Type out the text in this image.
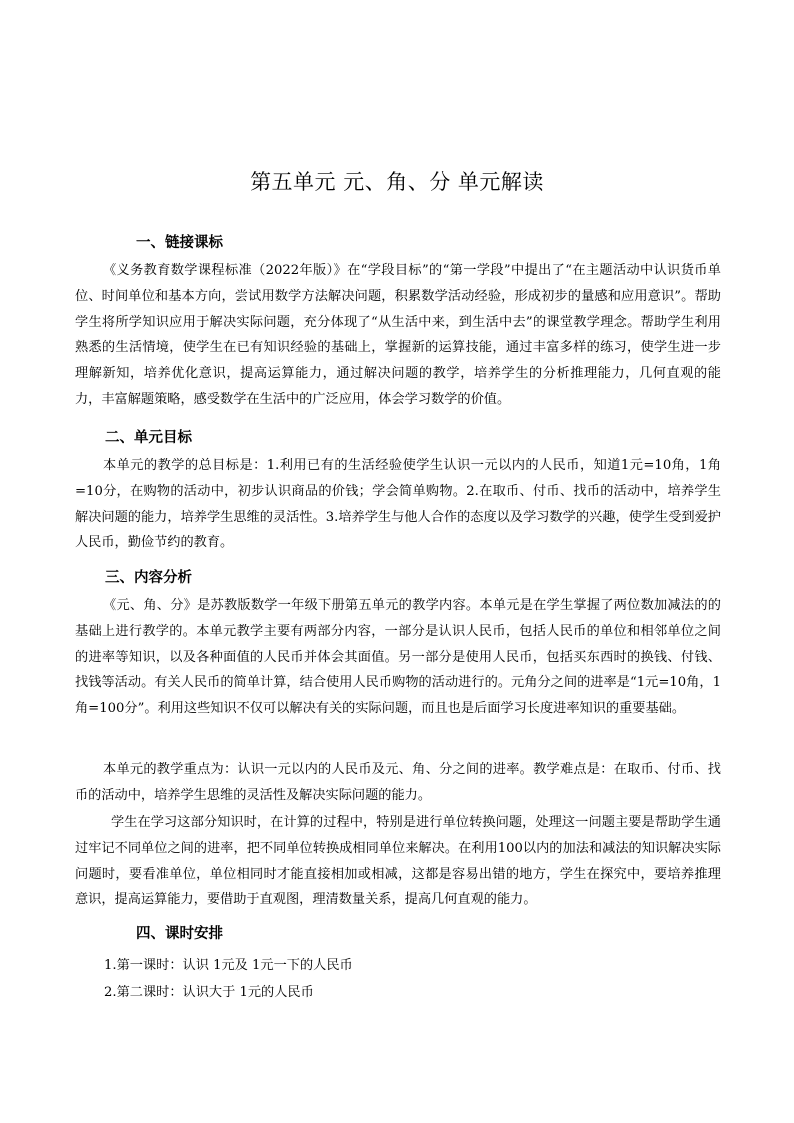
第五单元 元、角、分 单元解读
一、链接课标

《义务教育数学课程标准（2022年版）》在“学段目标”的“第一学段”中提出了“在主题活动中认识货币单位、时间单位和基本方向，尝试用数学方法解决问题，积累数学活动经验，形成初步的量感和应用意识”。帮助学生将所学知识应用于解决实际问题，充分体现了“从生活中来，到生活中去”的课堂教学理念。帮助学生利用熟悉的生活情境，使学生在已有知识经验的基础上，掌握新的运算技能，通过丰富多样的练习，使学生进一步理解新知，培养优化意识，提高运算能力，通过解决问题的教学，培养学生的分析推理能力，几何直观的能力，丰富解题策略，感受数学在生活中的广泛应用，体会学习数学的价值。

二、单元目标

本单元的教学的总目标是：1.利用已有的生活经验使学生认识一元以内的人民币，知道1元=10角，1角=10分，在购物的活动中，初步认识商品的价钱；学会简单购物。2.在取币、付币、找币的活动中，培养学生解决问题的能力，培养学生思维的灵活性。3.培养学生与他人合作的态度以及学习数学的兴趣，使学生受到爱护人民币，勤俭节约的教育。

三、内容分析

《元、角、分》是苏教版数学一年级下册第五单元的教学内容。本单元是在学生掌握了两位数加减法的的基础上进行教学的。本单元教学主要有两部分内容，一部分是认识人民币，包括人民币的单位和相邻单位之间的进率等知识，以及各种面值的人民币并体会其面值。另一部分是使用人民币，包括买东西时的换钱、付钱、找钱等活动。有关人民币的简单计算，结合使用人民币购物的活动进行的。元角分之间的进率是“1元=10角，1角=100分”。利用这些知识不仅可以解决有关的实际问题，而且也是后面学习长度进率知识的重要基础。

本单元的教学重点为：认识一元以内的人民币及元、角、分之间的进率。教学难点是：在取币、付币、找币的活动中，培养学生思维的灵活性及解决实际问题的能力。

学生在学习这部分知识时，在计算的过程中，特别是进行单位转换问题，处理这一问题主要是帮助学生通过牢记不同单位之间的进率，把不同单位转换成相同单位来解决。在利用100以内的加法和减法的知识解决实际问题时，要看准单位，单位相同时才能直接相加或相减，这都是容易出错的地方，学生在探究中，要培养推理意识，提高运算能力，要借助于直观图，理清数量关系，提高几何直观的能力。

四、课时安排

1.第一课时：认识 1元及 1元一下的人民币

2.第二课时：认识大于 1元的人民币
